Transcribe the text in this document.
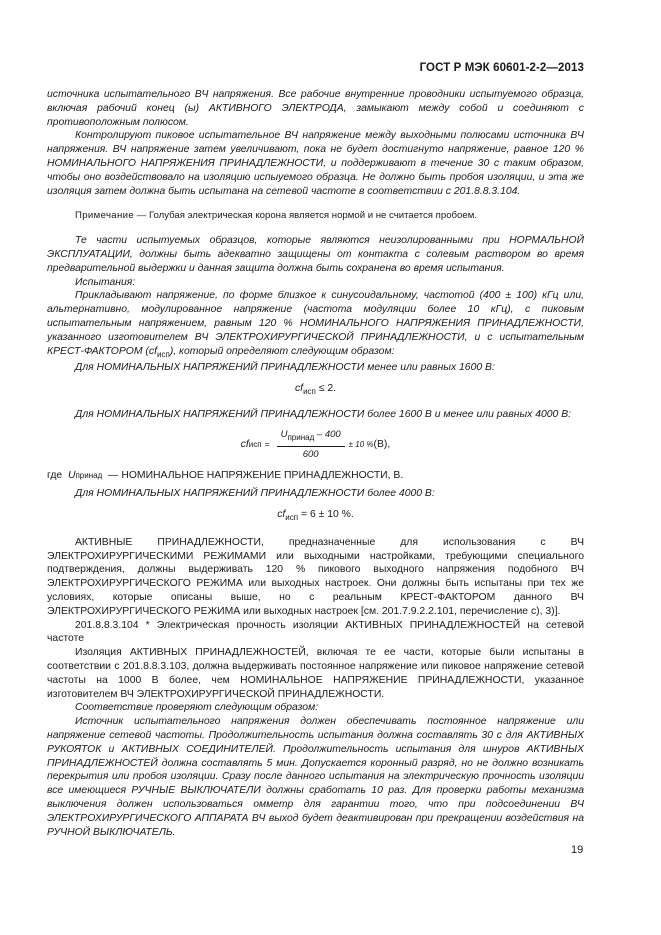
ГОСТ Р МЭК 60601-2-2—2013

источника испытательного ВЧ напряжения. Все рабочие внутренние проводники испытуемого образца, включая рабочий конец (ы) АКТИВНОГО ЭЛЕКТРОДА, замыкают между собой и соединяют с противоположным полюсом.

Контролируют пиковое испытательное ВЧ напряжение между выходными полюсами источника ВЧ напряжения. ВЧ напряжение затем увеличивают, пока не будет достигнуто напряжение, равное 120 % НОМИНАЛЬНОГО НАПРЯЖЕНИЯ ПРИНАДЛЕЖНОСТИ, и поддерживают в течение 30 с таким образом, чтобы оно воздействовало на изоляцию испыуемого образца. Не должно быть пробоя изоляции, и эта же изоляция затем должна быть испытана на сетевой частоте в соответствии с 201.8.8.3.104.

Примечание — Голубая электрическая корона является нормой и не считается пробоем.

Те части испытуемых образцов, которые являются неизолированными при НОРМАЛЬНОЙ ЭКСПЛУАТАЦИИ, должны быть адекватно защищены от контакта с солевым раствором во время предварительной выдержки и данная защита должна быть сохранена во время испытания.

Испытания:

Прикладывают напряжение, по форме близкое к синусоидальному, частотой (400 ± 100) кГц или, альтернативно, модулированное напряжение (частота модуляции более 10 кГц), с пиковым испытательным напряжением, равным 120 % НОМИНАЛЬНОГО НАПРЯЖЕНИЯ ПРИНАДЛЕЖНОСТИ, указанного изготовителем ВЧ ЭЛЕКТРОХИРУРГИЧЕСКОЙ ПРИНАДЛЕЖНОСТИ, и с испытательным КРЕСТ-ФАКТОРОМ $(cf_{исп})$, который определяют следующим образом:

Для НОМИНАЛЬНЫХ НАПРЯЖЕНИЙ ПРИНАДЛЕЖНОСТИ менее или равных 1600 В:

$cf_{исп} \le 2$.

Для НОМИНАЛЬНЫХ НАПРЯЖЕНИЙ ПРИНАДЛЕЖНОСТИ более 1600 В и менее или равных 4000 В:

cf исп = $\frac{U_{принад} - 400}{600} \pm 10$ % (B),
где
U принад
— НОМИНАЛЬНОЕ НАПРЯЖЕНИЕ ПРИНАДЛЕЖНОСТИ, В.

Для НОМИНАЛЬНЫХ НАПРЯЖЕНИЙ ПРИНАДЛЕЖНОСТИ более 4000 В:

$cf_{исп} = 6 \pm 10$ %.

АКТИВНЫЕ ПРИНАДЛЕЖНОСТИ, предназначенные для использования с ВЧ ЭЛЕКТРОХИРУРГИЧЕСКИМИ РЕЖИМАМИ или выходными настройками, требующими специального подтверждения, должны выдерживать 120 % пикового выходного напряжения подобного ВЧ ЭЛЕКТРОХИРУРГИЧЕСКОГО РЕЖИМА или выходных настроек. Они должны быть испытаны при тех же условиях, которые описаны выше, но с реальным КРЕСТ-ФАКТОРОМ данного ВЧ ЭЛЕКТРОХИРУРГИЧЕСКОГО РЕЖИМА или выходных настроек [см. 201.7.9.2.2.101, перечисление с), 3)].

201.8.8.3.104 * Электрическая прочность изоляции АКТИВНЫХ ПРИНАДЛЕЖНОСТЕЙ на сетевой частоте

Изоляция АКТИВНЫХ ПРИНАДЛЕЖНОСТЕЙ, включая те ее части, которые были испытаны в соответствии с 201.8.8.3.103, должна выдерживать постоянное напряжение или пиковое напряжение сетевой частоты на 1000 В более, чем НОМИНАЛЬНОЕ НАПРЯЖЕНИЕ ПРИНАДЛЕЖНОСТИ, указанное изготовителем ВЧ ЭЛЕКТРОХИРУРГИЧЕСКОЙ ПРИНАДЛЕЖНОСТИ.

Соответствие проверяют следующим образом:

Источник испытательного напряжения должен обеспечивать постоянное напряжение или напряжение сетевой частоты. Продолжительность испытания должна составлять 30 с для АКТИВНЫХ РУКОЯТОК и АКТИВНЫХ СОЕДИНИТЕЛЕЙ. Продолжительность испытания для шнуров АКТИВНЫХ ПРИНАДЛЕЖНОСТЕЙ должна составлять 5 мин. Допускается коронный разряд, но не должно возникать перекрытия или пробоя изоляции. Сразу после данного испытания на электрическую прочность изоляции все имеющиеся РУЧНЫЕ ВЫКЛЮЧАТЕЛИ должны сработать 10 раз. Для проверки работы механизма выключения должен использоваться омметр для гарантии того, что при подсоединении ВЧ ЭЛЕКТРОХИРУРГИЧЕСКОГО АППАРАТА ВЧ выход будет деактивирован при прекращении воздействия на РУЧНОЙ ВЫКЛЮЧАТЕЛЬ.

19
